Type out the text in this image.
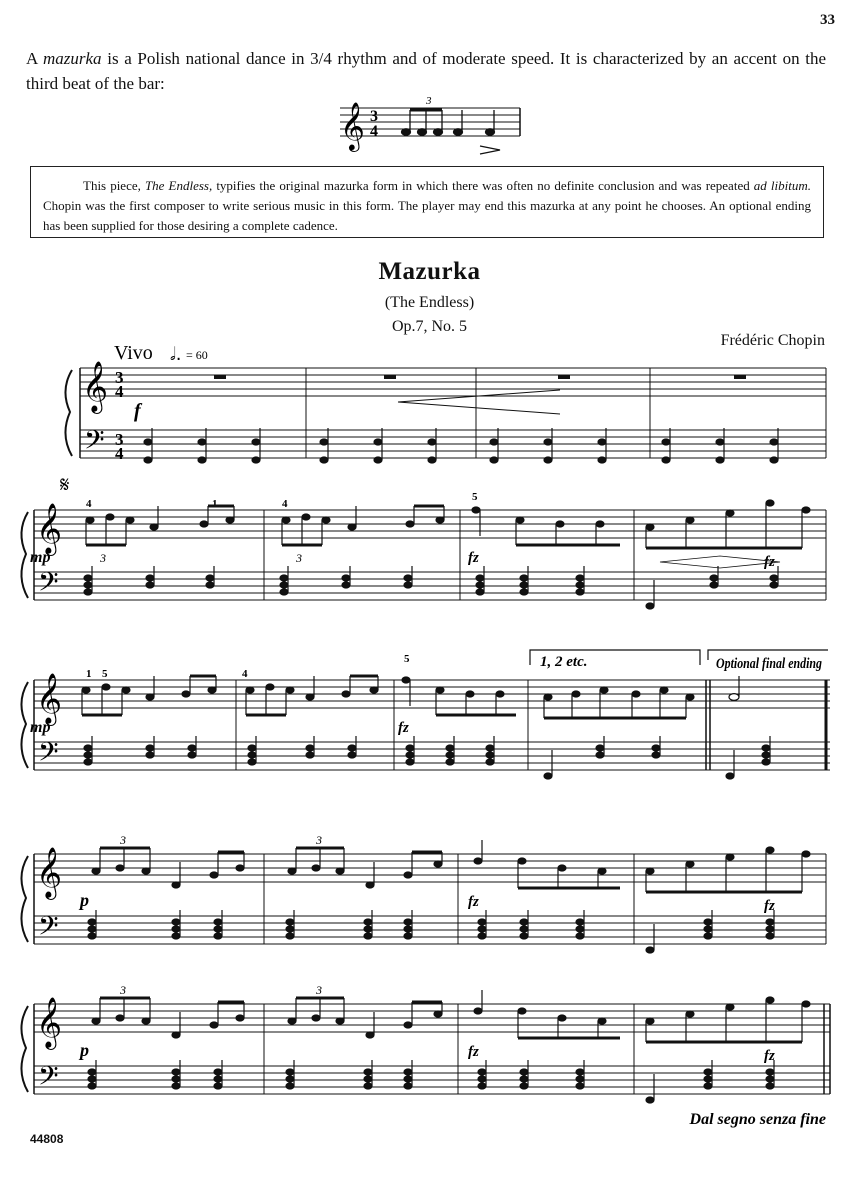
33
A mazurka is a Polish national dance in 3/4 rhythm and of moderate speed. It is characterized by an accent on the third beat of the bar:
𝄞 3
4
3

This piece, The Endless, typifies the original mazurka form in which there was often no definite conclusion and was repeated ad libitum. Chopin was the first composer to write serious music in this form. The player may end this mazurka at any point he chooses. An optional ending has been supplied for those desiring a complete cadence.

Mazurka
(The Endless)
Op.7, No. 5
Frédéric Chopin
Vivo 𝅗𝅥. = 60
𝄞
𝄢
3
4
3
4
f
𝄋
𝄞
𝄢
mp	fz	fz
4	4
5
1
3	3
𝄞
𝄢
1, 2 etc.	Optional final ending
mp	fz
1 5	4
5
𝄞
𝄢
p	fz	fz
3	3
𝄞
𝄢
p	fz	fz
3	3
Dal segno senza fine
44808
